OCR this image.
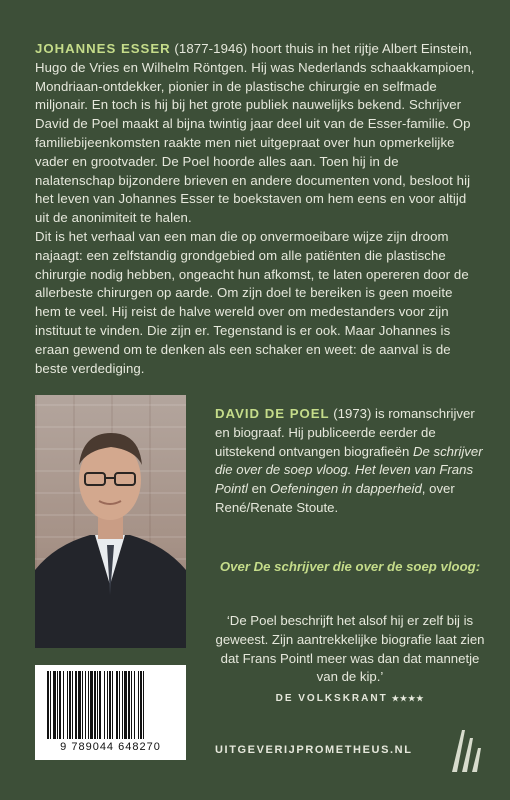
JOHANNES ESSER (1877-1946) hoort thuis in het rijtje Albert Einstein, Hugo de Vries en Wilhelm Röntgen. Hij was Nederlands schaakkampioen, Mondriaan-ontdekker, pionier in de plastische chirurgie en selfmade miljonair. En toch is hij bij het grote publiek nauwelijks bekend. Schrijver David de Poel maakt al bijna twintig jaar deel uit van de Esser-familie. Op familiebijeenkomsten raakte men niet uitgepraat over hun opmerkelijke vader en grootvader. De Poel hoorde alles aan. Toen hij in de nalatenschap bijzondere brieven en andere documenten vond, besloot hij het leven van Johannes Esser te boekstaven om hem eens en voor altijd uit de anonimiteit te halen.

Dit is het verhaal van een man die op onvermoeibare wijze zijn droom najaagt: een zelfstandig grondgebied om alle patiënten die plastische chirurgie nodig hebben, ongeacht hun afkomst, te laten opereren door de allerbeste chirurgen op aarde. Om zijn doel te bereiken is geen moeite hem te veel. Hij reist de halve wereld over om medestanders voor zijn instituut te vinden. Die zijn er. Tegenstand is er ook. Maar Johannes is eraan gewend om te denken als een schaker en weet: de aanval is de beste verdediging.

DAVID DE POEL (1973) is romanschrijver en biograaf. Hij publiceerde eerder de uitstekend ontvangen biografieën De schrijver die over de soep vloog. Het leven van Frans Pointl en Oefeningen in dapperheid, over René/Renate Stoute.

Over De schrijver die over de soep vloog:
‘De Poel beschrijft het alsof hij er zelf bij is geweest. Zijn aantrekkelijke biografie laat zien dat Frans Pointl meer was dan dat mannetje van de kip.’
DE VOLKSKRANT ★★★★
9 789044 648270	UITGEVERIJPROMETHEUS.NL
